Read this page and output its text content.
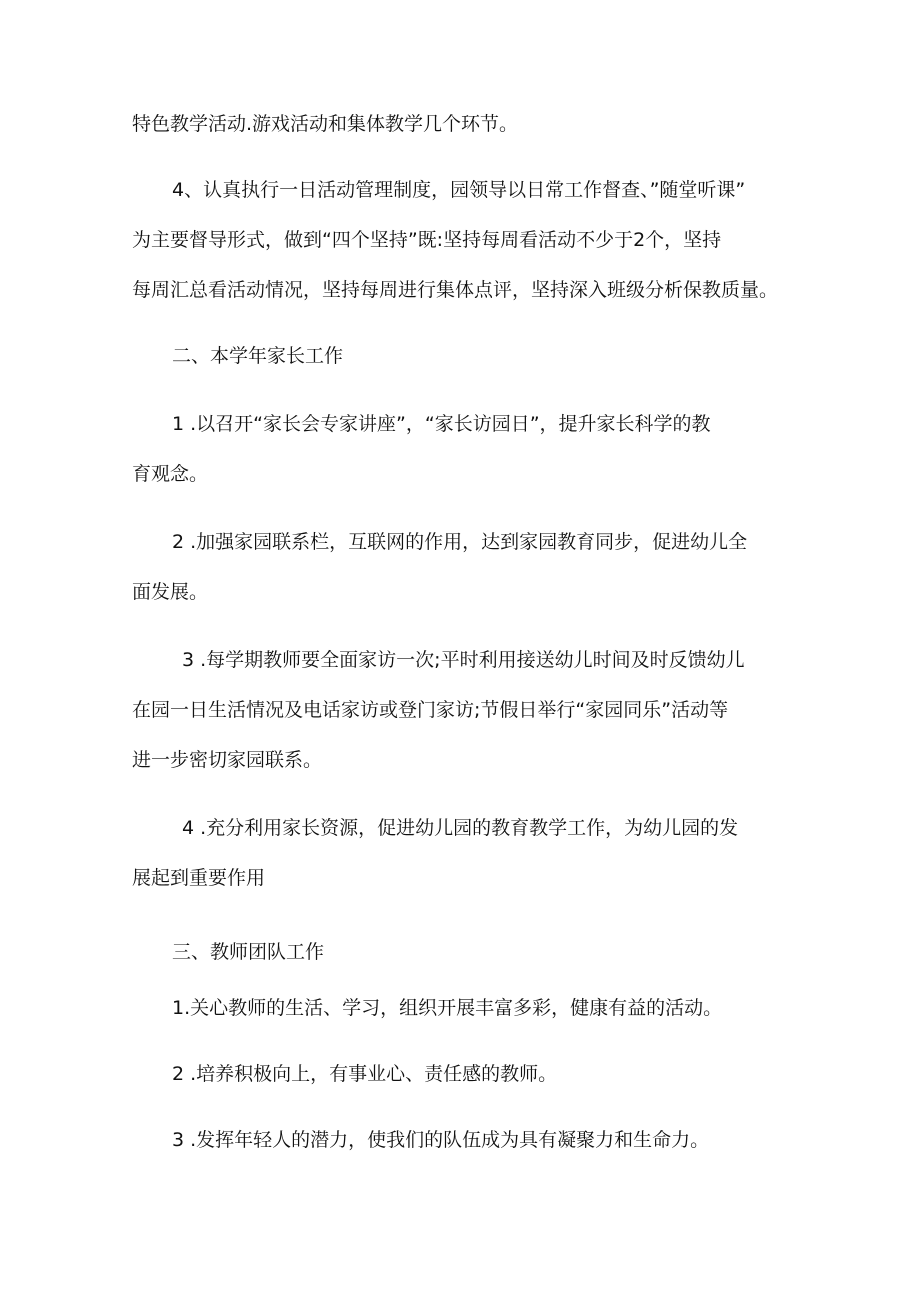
特色教学活动.游戏活动和集体教学几个环节。
4、认真执行一日活动管理制度，园领导以日常工作督查、”随堂听课”
为主要督导形式，做到“四个坚持”既:坚持每周看活动不少于2个，坚持
每周汇总看活动情况，坚持每周进行集体点评，坚持深入班级分析保教质量。
二、本学年家长工作
1 .以召开“家长会专家讲座”，“家长访园日”，提升家长科学的教
育观念。
2 .加强家园联系栏，互联网的作用，达到家园教育同步，促进幼儿全
面发展。
3 .每学期教师要全面家访一次;平时利用接送幼儿时间及时反馈幼儿
在园一日生活情况及电话家访或登门家访;节假日举行“家园同乐”活动等
进一步密切家园联系。
4 .充分利用家长资源，促进幼儿园的教育教学工作，为幼儿园的发
展起到重要作用
三、教师团队工作
1.关心教师的生活、学习，组织开展丰富多彩，健康有益的活动。
2 .培养积极向上，有事业心、责任感的教师。
3 .发挥年轻人的潜力，使我们的队伍成为具有凝聚力和生命力。
